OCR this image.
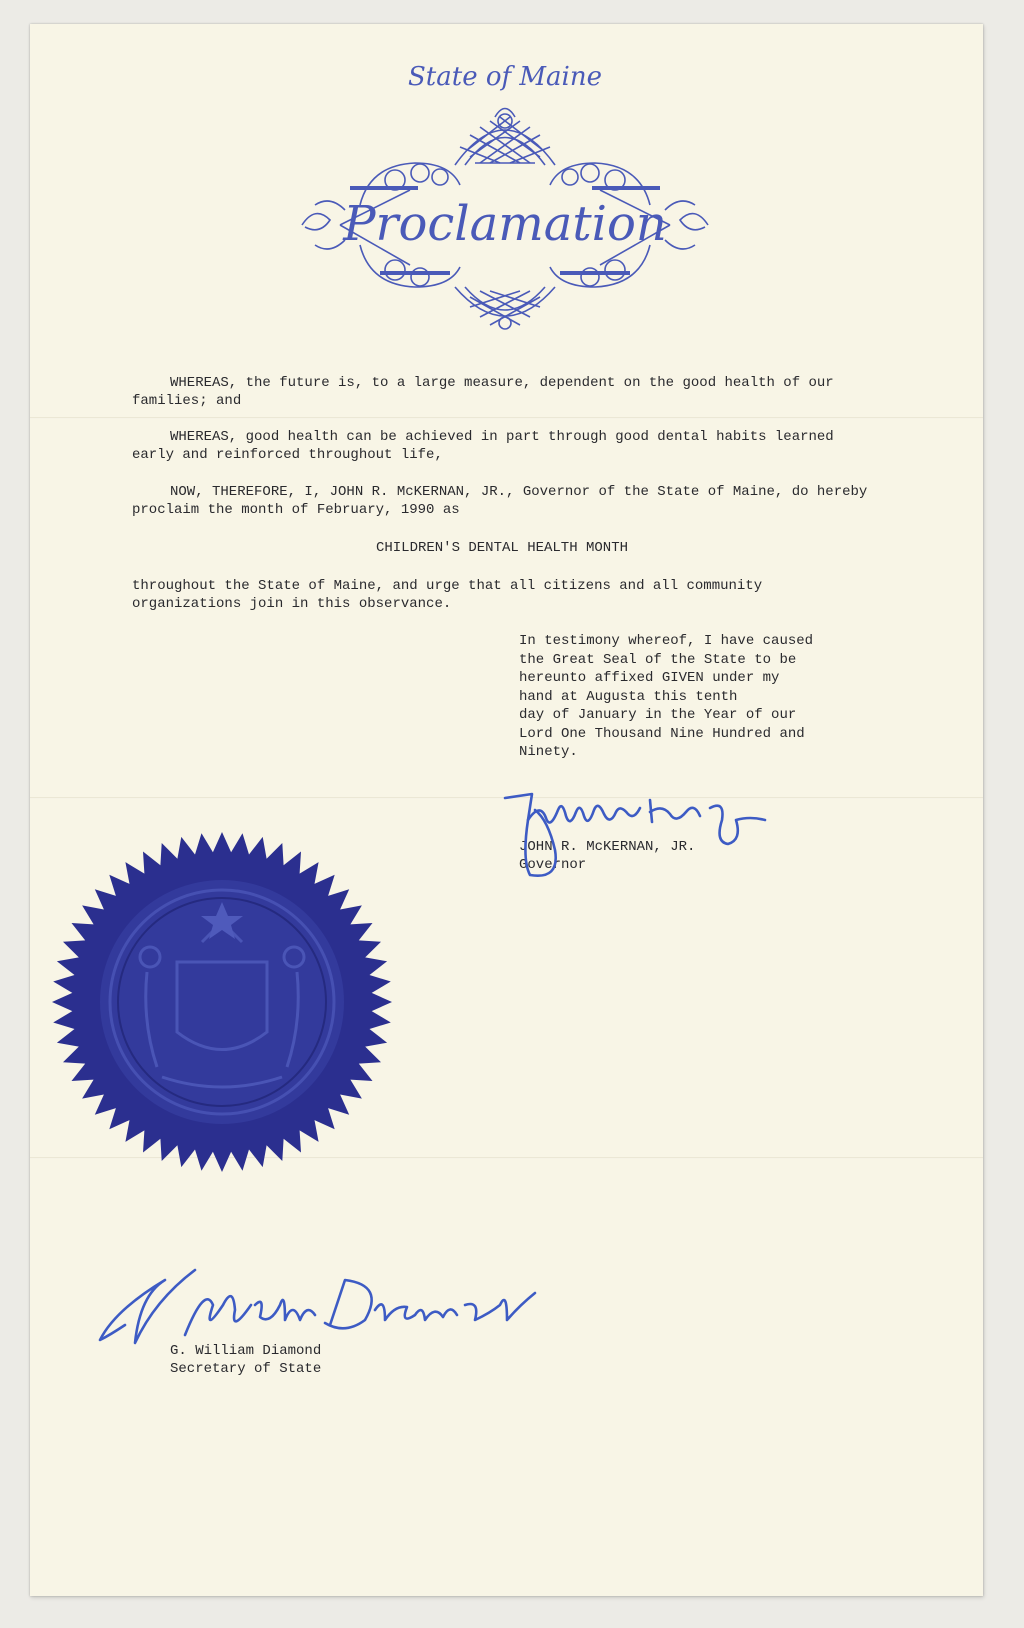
State of Maine
Proclamation
WHEREAS, the future is, to a large measure, dependent on the good health of our families; and
WHEREAS, good health can be achieved in part through good dental habits learned early and reinforced throughout life,
NOW, THEREFORE, I, JOHN R. McKERNAN, JR., Governor of the State of Maine, do hereby proclaim the month of February, 1990 as
CHILDREN'S DENTAL HEALTH MONTH
throughout the State of Maine, and urge that all citizens and all community organizations join in this observance.
In testimony whereof, I have caused
the Great Seal of the State to be
hereunto affixed GIVEN under my
hand at Augusta this tenth
day of January in the Year of our
Lord One Thousand Nine Hundred and
Ninety.
JOHN R. McKERNAN, JR.
Governor
G. William Diamond
Secretary of State
